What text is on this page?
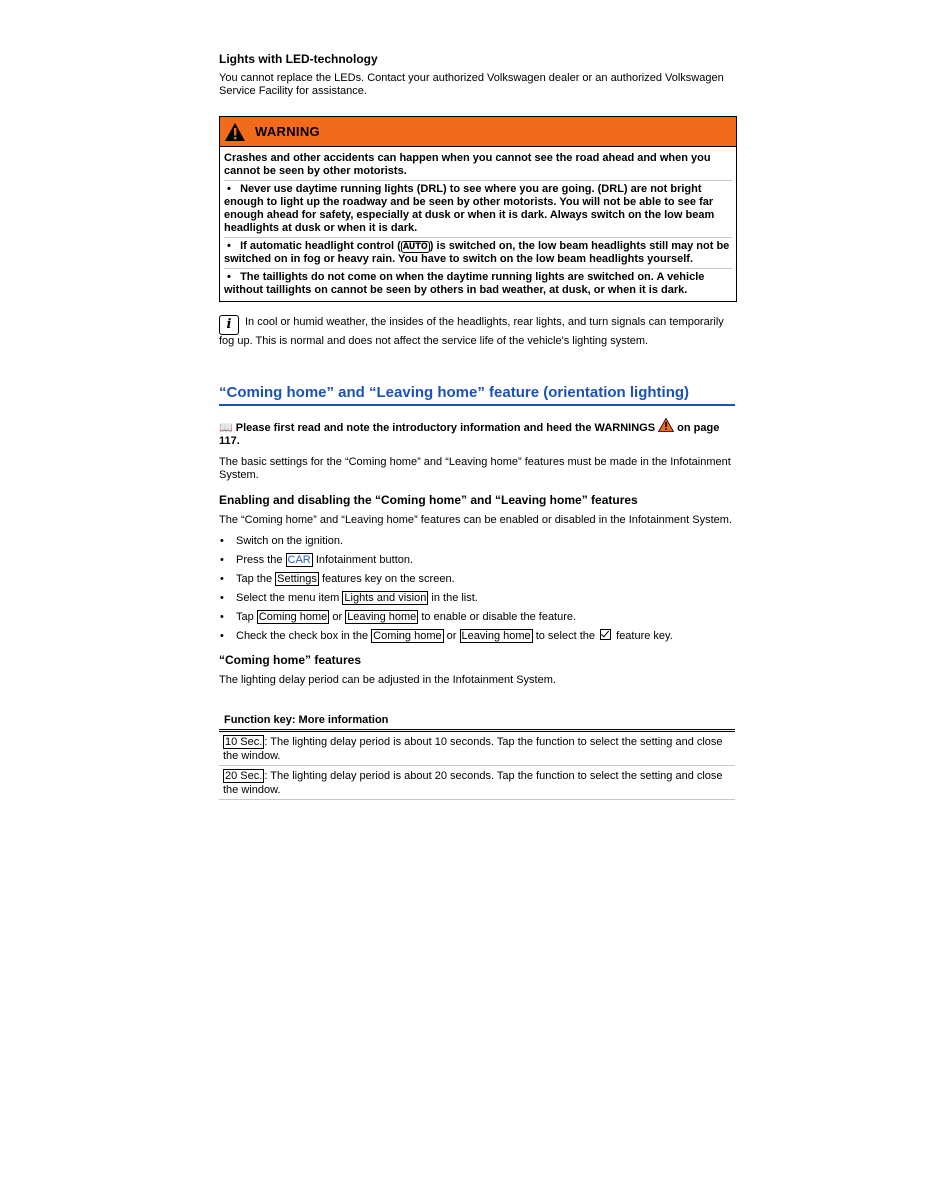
Lights with LED-technology

You cannot replace the LEDs. Contact your authorized Volkswagen dealer or an authorized Volkswagen Service Facility for assistance.

WARNING
Crashes and other accidents can happen when you cannot see the road ahead and when you cannot be seen by other motorists.
•   Never use daytime running lights (DRL) to see where you are going. (DRL) are not bright enough to light up the roadway and be seen by other motorists. You will not be able to see far enough ahead for safety, especially at dusk or when it is dark. Always switch on the low beam headlights at dusk or when it is dark.
•   If automatic headlight control ( AUTO ) is switched on, the low beam headlights still may not be switched on in fog or heavy rain. You have to switch on the low beam headlights yourself.
•   The taillights do not come on when the daytime running lights are switched on. A vehicle without taillights on cannot be seen by others in bad weather, at dusk, or when it is dark.

i In cool or humid weather, the insides of the headlights, rear lights, and turn signals can temporarily fog up. This is normal and does not affect the service life of the vehicle's lighting system.

“Coming home” and “Leaving home” feature (orientation lighting)

📖 Please first read and note the introductory information and heed the WARNINGS on page 117.

The basic settings for the “Coming home” and “Leaving home” features must be made in the Infotainment System.

Enabling and disabling the “Coming home” and “Leaving home” features

The “Coming home” and “Leaving home” features can be enabled or disabled in the Infotainment System.

• Switch on the ignition.
• Press the CAR Infotainment button.
• Tap the Settings features key on the screen.
• Select the menu item Lights and vision in the list.
• Tap Coming home or Leaving home to enable or disable the feature.
• Check the check box in the Coming home or Leaving home to select the  feature key.

“Coming home” features

The lighting delay period can be adjusted in the Infotainment System.

Function key: More information
10 Sec. : The lighting delay period is about 10 seconds. Tap the function to select the setting and close the window.
20 Sec. : The lighting delay period is about 20 seconds. Tap the function to select the setting and close the window.
